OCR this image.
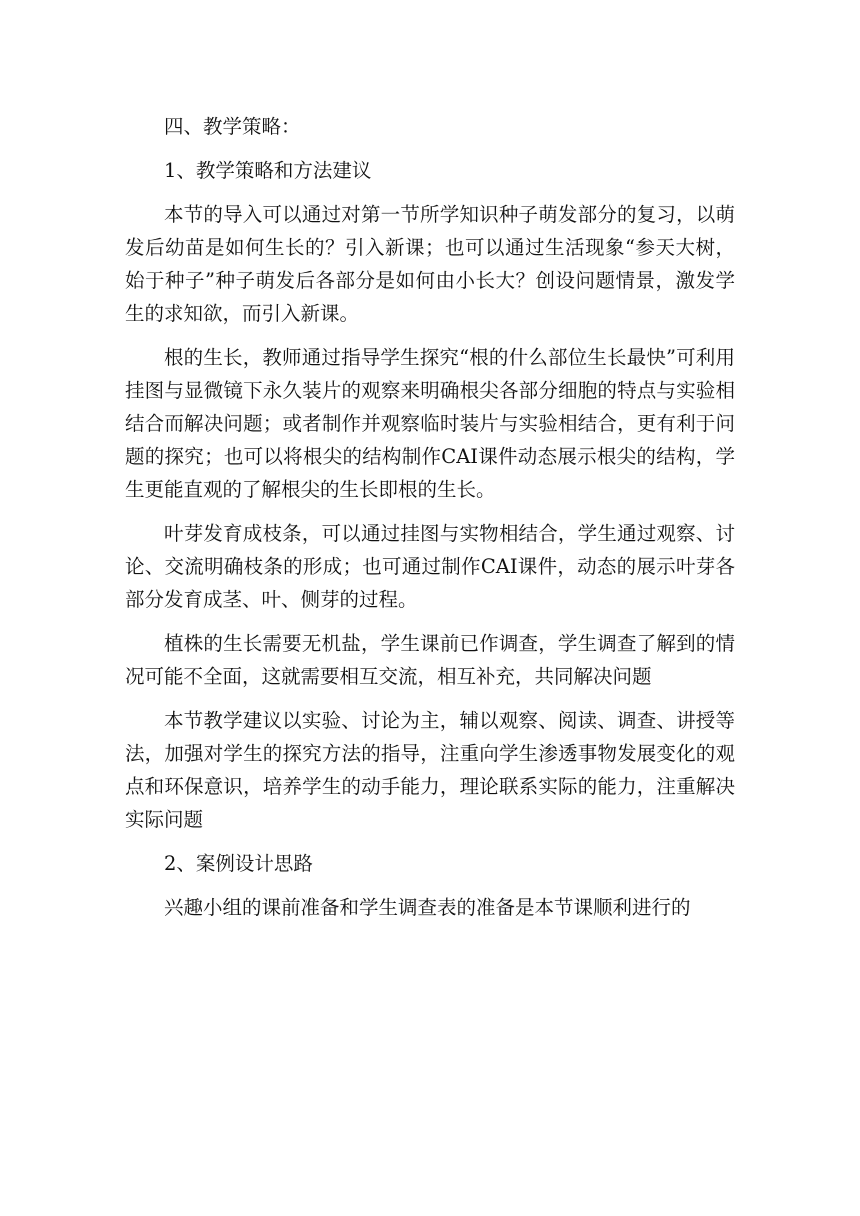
四、教学策略：

1、教学策略和方法建议

本节的导入可以通过对第一节所学知识种子萌发部分的复习，以萌发后幼苗是如何生长的？引入新课；也可以通过生活现象“参天大树，始于种子”种子萌发后各部分是如何由小长大？创设问题情景，激发学生的求知欲，而引入新课。

根的生长，教师通过指导学生探究“根的什么部位生长最快”可利用挂图与显微镜下永久装片的观察来明确根尖各部分细胞的特点与实验相结合而解决问题；或者制作并观察临时装片与实验相结合，更有利于问题的探究；也可以将根尖的结构制作CAI课件动态展示根尖的结构，学生更能直观的了解根尖的生长即根的生长。

叶芽发育成枝条，可以通过挂图与实物相结合，学生通过观察、讨论、交流明确枝条的形成；也可通过制作CAI课件，动态的展示叶芽各部分发育成茎、叶、侧芽的过程。

植株的生长需要无机盐，学生课前已作调查，学生调查了解到的情况可能不全面，这就需要相互交流，相互补充，共同解决问题

本节教学建议以实验、讨论为主，辅以观察、阅读、调查、讲授等法，加强对学生的探究方法的指导，注重向学生渗透事物发展变化的观点和环保意识，培养学生的动手能力，理论联系实际的能力，注重解决实际问题

2、案例设计思路

兴趣小组的课前准备和学生调查表的准备是本节课顺利进行的
